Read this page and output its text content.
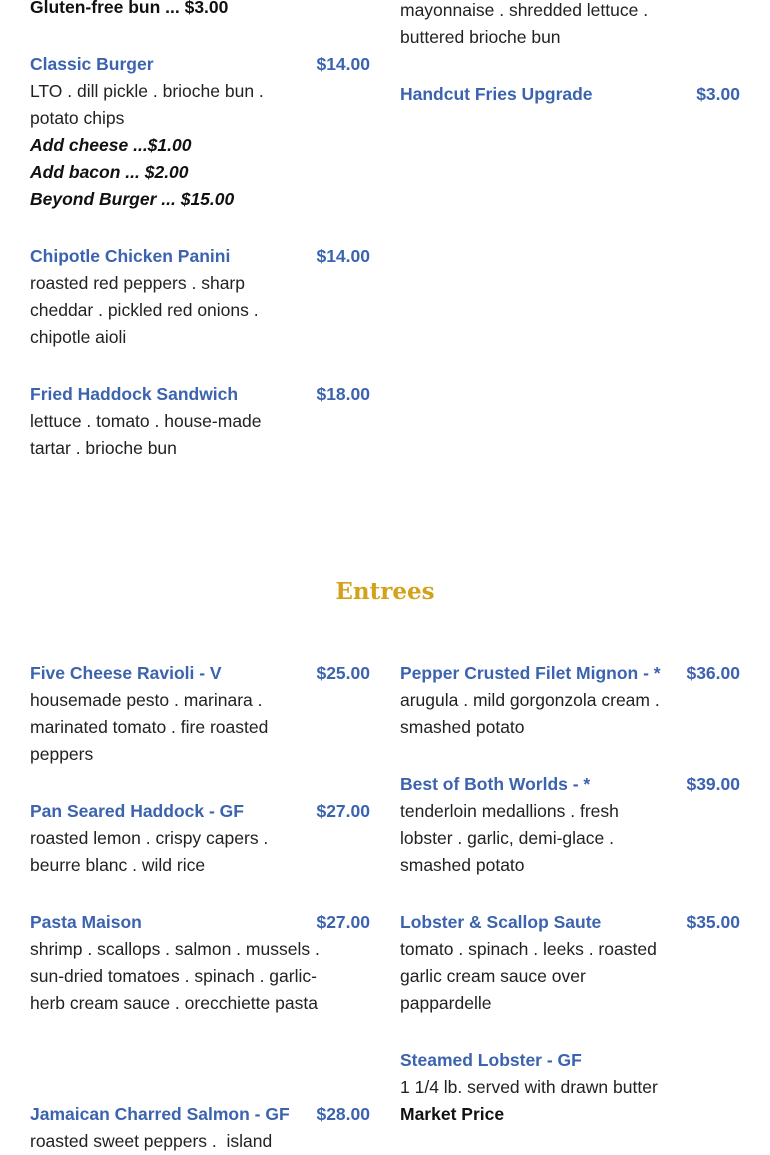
Gluten-free bun ... $3.00	mayonnaise . shredded lettuce .
buttered brioche bun
Classic Burger	$14.00
LTO . dill pickle . brioche bun . potato chips
Add cheese ...$1.00
Add bacon ... $2.00
Beyond Burger ... $15.00
Chipotle Chicken Panini	$14.00
roasted red peppers . sharp cheddar . pickled red onions . chipotle aioli
Fried Haddock Sandwich	$18.00
lettuce . tomato . house-made tartar . brioche bun
Handcut Fries Upgrade	$3.00
Entrees
Five Cheese Ravioli - V	$25.00
housemade pesto . marinara . marinated tomato . fire roasted peppers
Pan Seared Haddock - GF	$27.00
roasted lemon . crispy capers . beurre blanc . wild rice
Pasta Maison	$27.00
shrimp . scallops . salmon . mussels . sun-dried tomatoes . spinach . garlic-herb cream sauce . orecchiette pasta
Jamaican Charred Salmon - GF $28.00
roasted sweet peppers .  island
Pepper Crusted Filet Mignon - * $36.00
arugula . mild gorgonzola cream . smashed potato
Best of Both Worlds - *	$39.00
tenderloin medallions . fresh lobster . garlic, demi-glace . smashed potato
Lobster & Scallop Saute	$35.00
tomato . spinach . leeks . roasted garlic cream sauce over pappardelle
Steamed Lobster - GF
1 1/4 lb. served with drawn butter
Market Price
